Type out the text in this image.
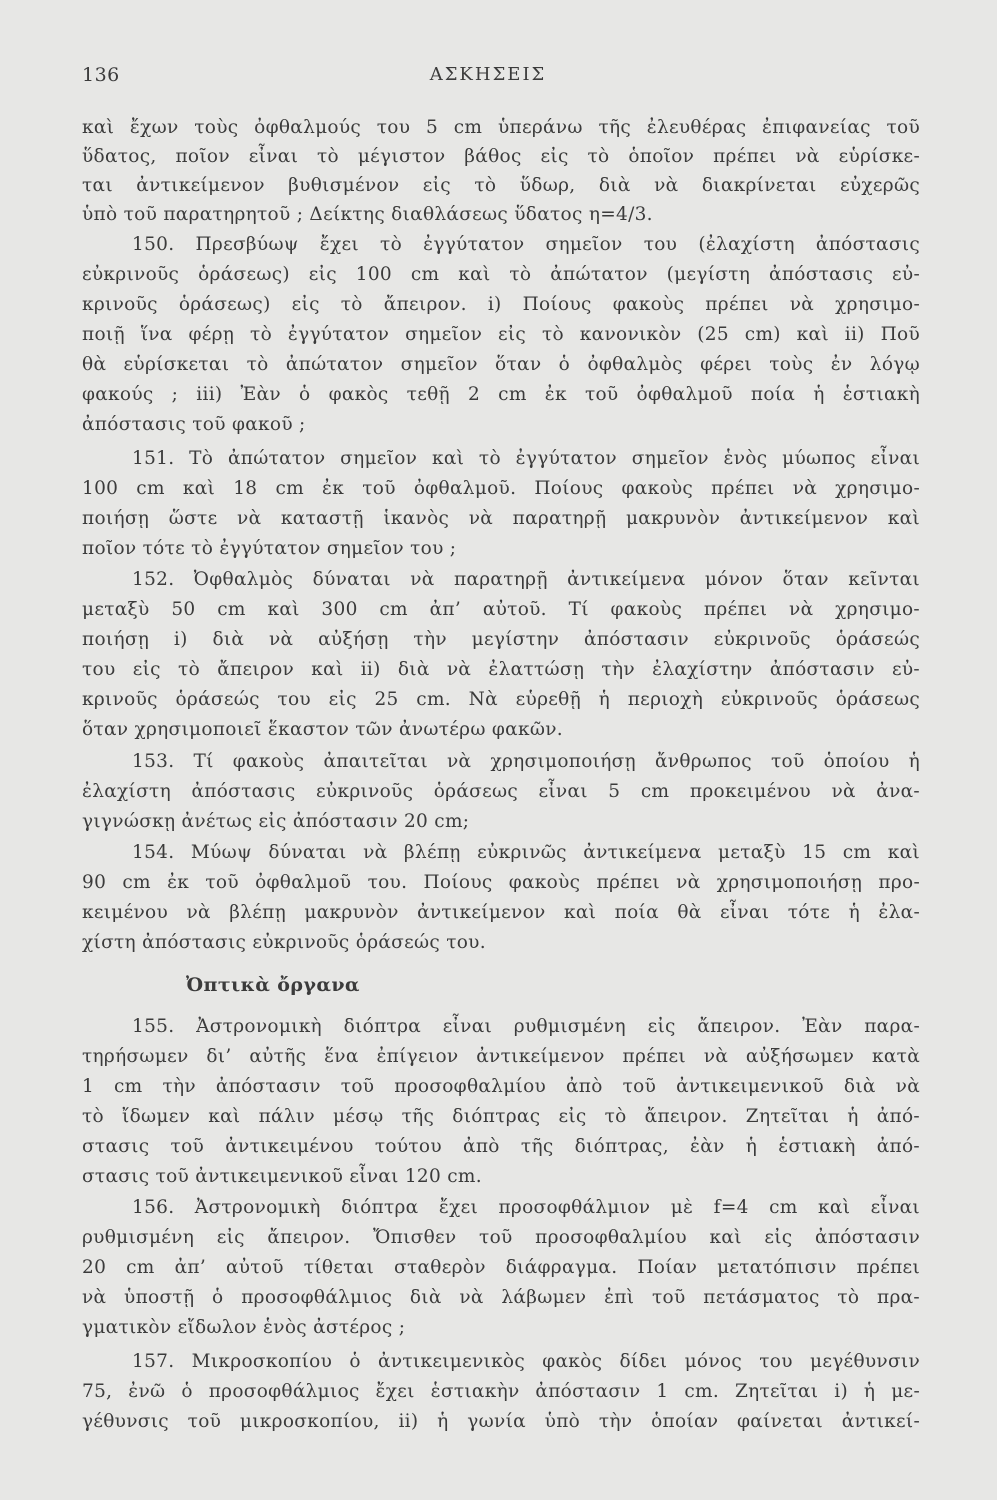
136	ΑΣΚΗΣΕΙΣ
καὶ ἔχων τοὺς ὀφθαλμούς του 5 cm ὑπεράνω τῆς ἐλευθέρας ἐπιφανείας τοῦ
ὕδατος, ποῖον εἶναι τὸ μέγιστον βάθος εἰς τὸ ὁποῖον πρέπει νὰ εὑρίσκε-
ται ἀντικείμενον βυθισμένον εἰς τὸ ὕδωρ, διὰ νὰ διακρίνεται εὐχερῶς
ὑπὸ τοῦ παρατηρητοῦ ; Δείκτης διαθλάσεως ὕδατος η=4/3.
150. Πρεσβύωψ ἔχει τὸ ἐγγύτατον σημεῖον του (ἐλαχίστη ἀπόστασις
εὐκρινοῦς ὁράσεως) εἰς 100 cm καὶ τὸ ἀπώτατον (μεγίστη ἀπόστασις εὐ-
κρινοῦς ὁράσεως) εἰς τὸ ἄπειρον. i) Ποίους φακοὺς πρέπει νὰ χρησιμο-
ποιῇ ἵνα φέρῃ τὸ ἐγγύτατον σημεῖον εἰς τὸ κανονικὸν (25 cm) καὶ ii) Ποῦ
θὰ εὑρίσκεται τὸ ἀπώτατον σημεῖον ὅταν ὁ ὀφθαλμὸς φέρει τοὺς ἐν λόγῳ
φακούς ; iii) Ἐὰν ὁ φακὸς τεθῇ 2 cm ἐκ τοῦ ὀφθαλμοῦ ποία ἡ ἑστιακὴ
ἀπόστασις τοῦ φακοῦ ;
151. Τὸ ἀπώτατον σημεῖον καὶ τὸ ἐγγύτατον σημεῖον ἑνὸς μύωπος εἶναι
100 cm καὶ 18 cm ἐκ τοῦ ὀφθαλμοῦ. Ποίους φακοὺς πρέπει νὰ χρησιμο-
ποιήσῃ ὥστε νὰ καταστῇ ἱκανὸς νὰ παρατηρῇ μακρυνὸν ἀντικείμενον καὶ
ποῖον τότε τὸ ἐγγύτατον σημεῖον του ;
152. Ὀφθαλμὸς δύναται νὰ παρατηρῇ ἀντικείμενα μόνον ὅταν κεῖνται
μεταξὺ 50 cm καὶ 300 cm ἀπ’ αὐτοῦ. Τί φακοὺς πρέπει νὰ χρησιμο-
ποιήσῃ i) διὰ νὰ αὐξήσῃ τὴν μεγίστην ἀπόστασιν εὐκρινοῦς ὁράσεώς
του εἰς τὸ ἄπειρον καὶ ii) διὰ νὰ ἐλαττώσῃ τὴν ἐλαχίστην ἀπόστασιν εὐ-
κρινοῦς ὁράσεώς του εἰς 25 cm. Νὰ εὑρεθῇ ἡ περιοχὴ εὐκρινοῦς ὁράσεως
ὅταν χρησιμοποιεῖ ἕκαστον τῶν ἀνωτέρω φακῶν.
153. Τί φακοὺς ἀπαιτεῖται νὰ χρησιμοποιήσῃ ἄνθρωπος τοῦ ὁποίου ἡ
ἐλαχίστη ἀπόστασις εὐκρινοῦς ὁράσεως εἶναι 5 cm προκειμένου νὰ ἀνα-
γιγνώσκῃ ἀνέτως εἰς ἀπόστασιν 20 cm;
154. Μύωψ δύναται νὰ βλέπῃ εὐκρινῶς ἀντικείμενα μεταξὺ 15 cm καὶ
90 cm ἐκ τοῦ ὀφθαλμοῦ του. Ποίους φακοὺς πρέπει νὰ χρησιμοποιήσῃ προ-
κειμένου νὰ βλέπῃ μακρυνὸν ἀντικείμενον καὶ ποία θὰ εἶναι τότε ἡ ἐλα-
χίστη ἀπόστασις εὐκρινοῦς ὁράσεώς του.
Ὀπτικὰ ὄργανα
155. Ἀστρονομικὴ διόπτρα εἶναι ρυθμισμένη εἰς ἄπειρον. Ἐὰν παρα-
τηρήσωμεν δι’ αὐτῆς ἕνα ἐπίγειον ἀντικείμενον πρέπει νὰ αὐξήσωμεν κατὰ
1 cm τὴν ἀπόστασιν τοῦ προσοφθαλμίου ἀπὸ τοῦ ἀντικειμενικοῦ διὰ νὰ
τὸ ἴδωμεν καὶ πάλιν μέσῳ τῆς διόπτρας εἰς τὸ ἄπειρον. Ζητεῖται ἡ ἀπό-
στασις τοῦ ἀντικειμένου τούτου ἀπὸ τῆς διόπτρας, ἐὰν ἡ ἑστιακὴ ἀπό-
στασις τοῦ ἀντικειμενικοῦ εἶναι 120 cm.
156. Ἀστρονομικὴ διόπτρα ἔχει προσοφθάλμιον μὲ f=4 cm καὶ εἶναι
ρυθμισμένη εἰς ἄπειρον. Ὄπισθεν τοῦ προσοφθαλμίου καὶ εἰς ἀπόστασιν
20 cm ἀπ’ αὐτοῦ τίθεται σταθερὸν διάφραγμα. Ποίαν μετατόπισιν πρέπει
νὰ ὑποστῇ ὁ προσοφθάλμιος διὰ νὰ λάβωμεν ἐπὶ τοῦ πετάσματος τὸ πρα-
γματικὸν εἴδωλον ἑνὸς ἀστέρος ;
157. Μικροσκοπίου ὁ ἀντικειμενικὸς φακὸς δίδει μόνος του μεγέθυνσιν
75, ἐνῶ ὁ προσοφθάλμιος ἔχει ἑστιακὴν ἀπόστασιν 1 cm. Ζητεῖται i) ἡ με-
γέθυνσις τοῦ μικροσκοπίου, ii) ἡ γωνία ὑπὸ τὴν ὁποίαν φαίνεται ἀντικεί-
